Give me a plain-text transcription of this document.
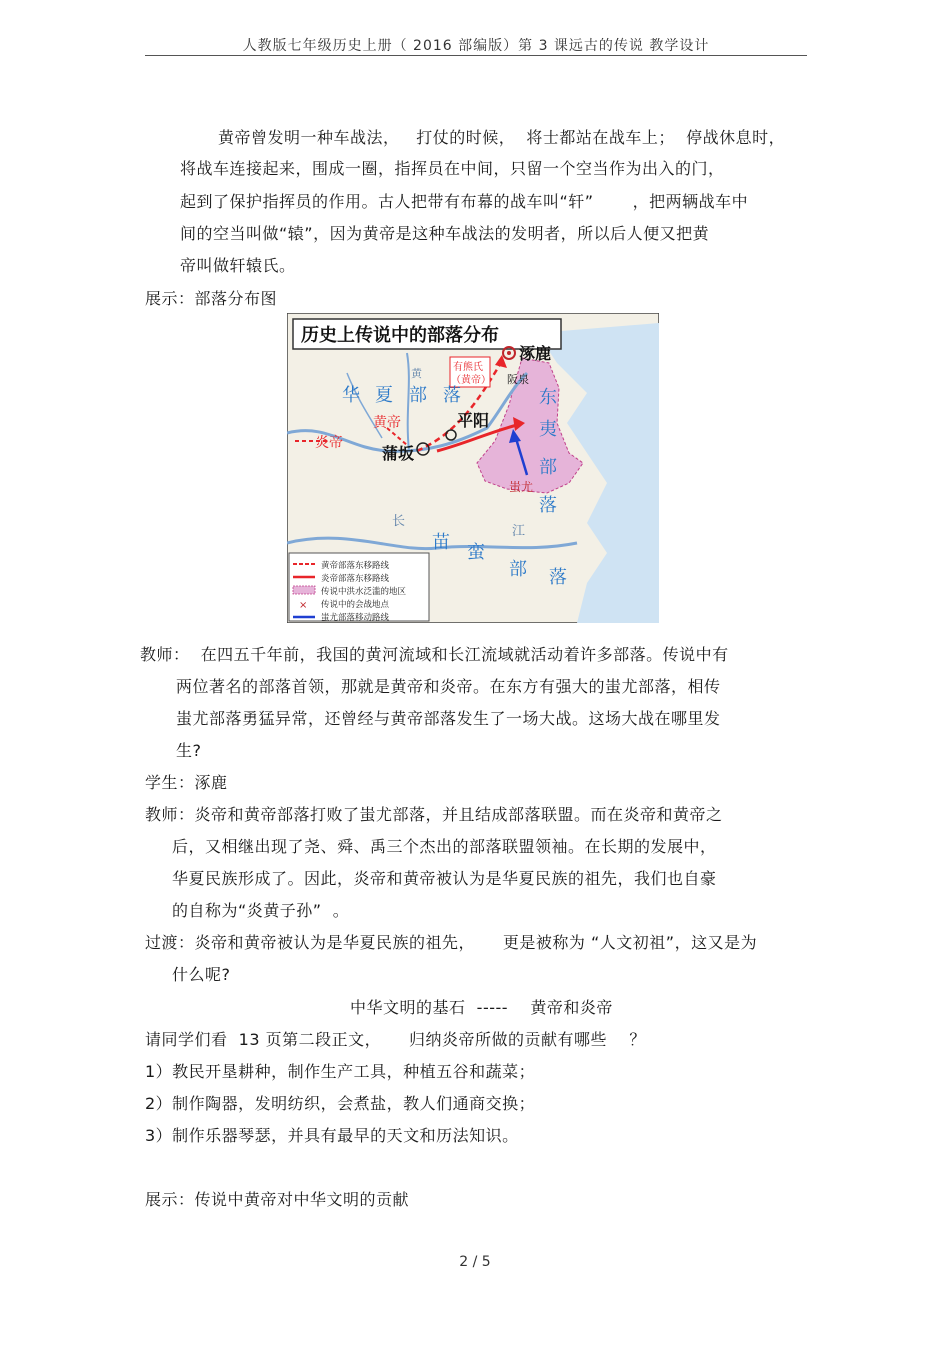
人教版七年级历史上册（ 2016 部编版）第 3 课远古的传说 教学设计
黄帝曾发明一种车战法，   打仗的时候，  将士都站在战车上；  停战休息时，
将战车连接起来，围成一圈，指挥员在中间，只留一个空当作为出入的门，
起到了保护指挥员的作用。古人把带有布幕的战车叫“轩”       ，把两辆战车中
间的空当叫做“辕”，因为黄帝是这种车战法的发明者，所以后人便又把黄
帝叫做轩辕氏。
展示：部落分布图
历史上传说中的部落分布
有熊氏
（黄帝）
涿鹿
阪泉
华 夏 部 落
黄
黄帝
炎帝
平阳
蒲坂
东
夷
部
落
蚩尤
长
江
苗 蛮
部 落
黄帝部落东移路线
炎帝部落东移路线
传说中洪水泛滥的地区
× 传说中的会战地点
蚩尤部落移动路线
教师：  在四五千年前，我国的黄河流域和长江流域就活动着许多部落。传说中有
两位著名的部落首领，那就是黄帝和炎帝。在东方有强大的蚩尤部落，相传
蚩尤部落勇猛异常，还曾经与黄帝部落发生了一场大战。这场大战在哪里发
生?
学生：涿鹿
教师：炎帝和黄帝部落打败了蚩尤部落，并且结成部落联盟。而在炎帝和黄帝之
后，又相继出现了尧、舜、禹三个杰出的部落联盟领袖。在长期的发展中，
华夏民族形成了。因此，炎帝和黄帝被认为是华夏民族的祖先，我们也自豪
的自称为“炎黄子孙”  。
过渡：炎帝和黄帝被认为是华夏民族的祖先，     更是被称为 “人文初祖”，这又是为
什么呢?
中华文明的基石  -----    黄帝和炎帝
请同学们看  13 页第二段正文，     归纳炎帝所做的贡献有哪些    ？
1）教民开垦耕种，制作生产工具，种植五谷和蔬菜；
2）制作陶器，发明纺织，会煮盐，教人们通商交换；
3）制作乐器琴瑟，并具有最早的天文和历法知识。
展示：传说中黄帝对中华文明的贡献
2 / 5
